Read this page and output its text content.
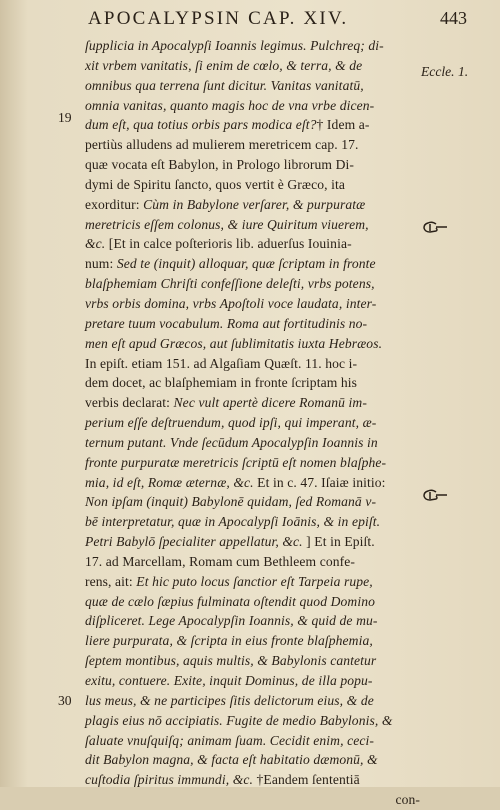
APOCALYPSIN CAP. XIV.	443
ſupplicia in Apocalypſi Ioannis legimus. Pulchreq; di-
xit vrbem vanitatis, ſi enim de cœlo, & terra, & de
omnibus qua terrena ſunt dicitur. Vanitas vanitatū,
omnia vanitas, quanto magis hoc de vna vrbe dicen-
dum eſt, qua totius orbis pars modica eſt?† Idem a-
pertiùs alludens ad mulierem meretricem cap. 17.
quæ vocata eſt Babylon, in Prologo librorum Di-
dymi de Spiritu ſancto, quos vertit è Græco, ita
exorditur: Cùm in Babylone verſarer, & purpuratæ
meretricis eſſem colonus, & iure Quiritum viuerem,
&c. [Et in calce poſterioris lib. aduerſus Iouinia-
num: Sed te (inquit) alloquar, quæ ſcriptam in fronte
blaſphemiam Chriſti confeſſione deleſti, vrbs potens,
vrbs orbis domina, vrbs Apoſtoli voce laudata, inter-
pretare tuum vocabulum. Roma aut fortitudinis no-
men eſt apud Græcos, aut ſublimitatis iuxta Hebræos.
In epiſt. etiam 151. ad Algaſiam Quæſt. 11. hoc i-
dem docet, ac blaſphemiam in fronte ſcriptam his
verbis declarat: Nec vult apertè dicere Romanū im-
perium eſſe deſtruendum, quod ipſi, qui imperant, æ-
ternum putant. Vnde ſecūdum Apocalypſin Ioannis in
fronte purpuratæ meretricis ſcriptū eſt nomen blaſphe-
mia, id eſt, Romæ æternæ, &c. Et in c. 47. Iſaiæ initio:
Non ipſam (inquit) Babylonē quidam, ſed Romanā v-
bē interpretatur, quæ in Apocalypſi Ioānis, & in epiſt.
Petri Babylō ſpecialiter appellatur, &c. ] Et in Epiſt.
17. ad Marcellam, Romam cum Bethleem confe-
rens, ait: Et hic puto locus ſanctior eſt Tarpeia rupe,
quæ de cælo ſæpius fulminata oſtendit quod Domino
diſpliceret. Lege Apocalypſin Ioannis, & quid de mu-
liere purpurata, & ſcripta in eius fronte blaſphemia,
ſeptem montibus, aquis multis, & Babylonis cantetur
exitu, contuere. Exite, inquit Dominus, de illa popu-
lus meus, & ne participes ſitis delictorum eius, & de
plagis eius nō accipiatis. Fugite de medio Babylonis, &
ſaluate vnuſquiſq; animam ſuam. Cecidit enim, ceci-
dit Babylon magna, & facta eſt habitatio dæmonū, &
cuſtodia ſpiritus immundi, &c. †Eandem ſententiā
con-
Eccle. 1.
19
30
